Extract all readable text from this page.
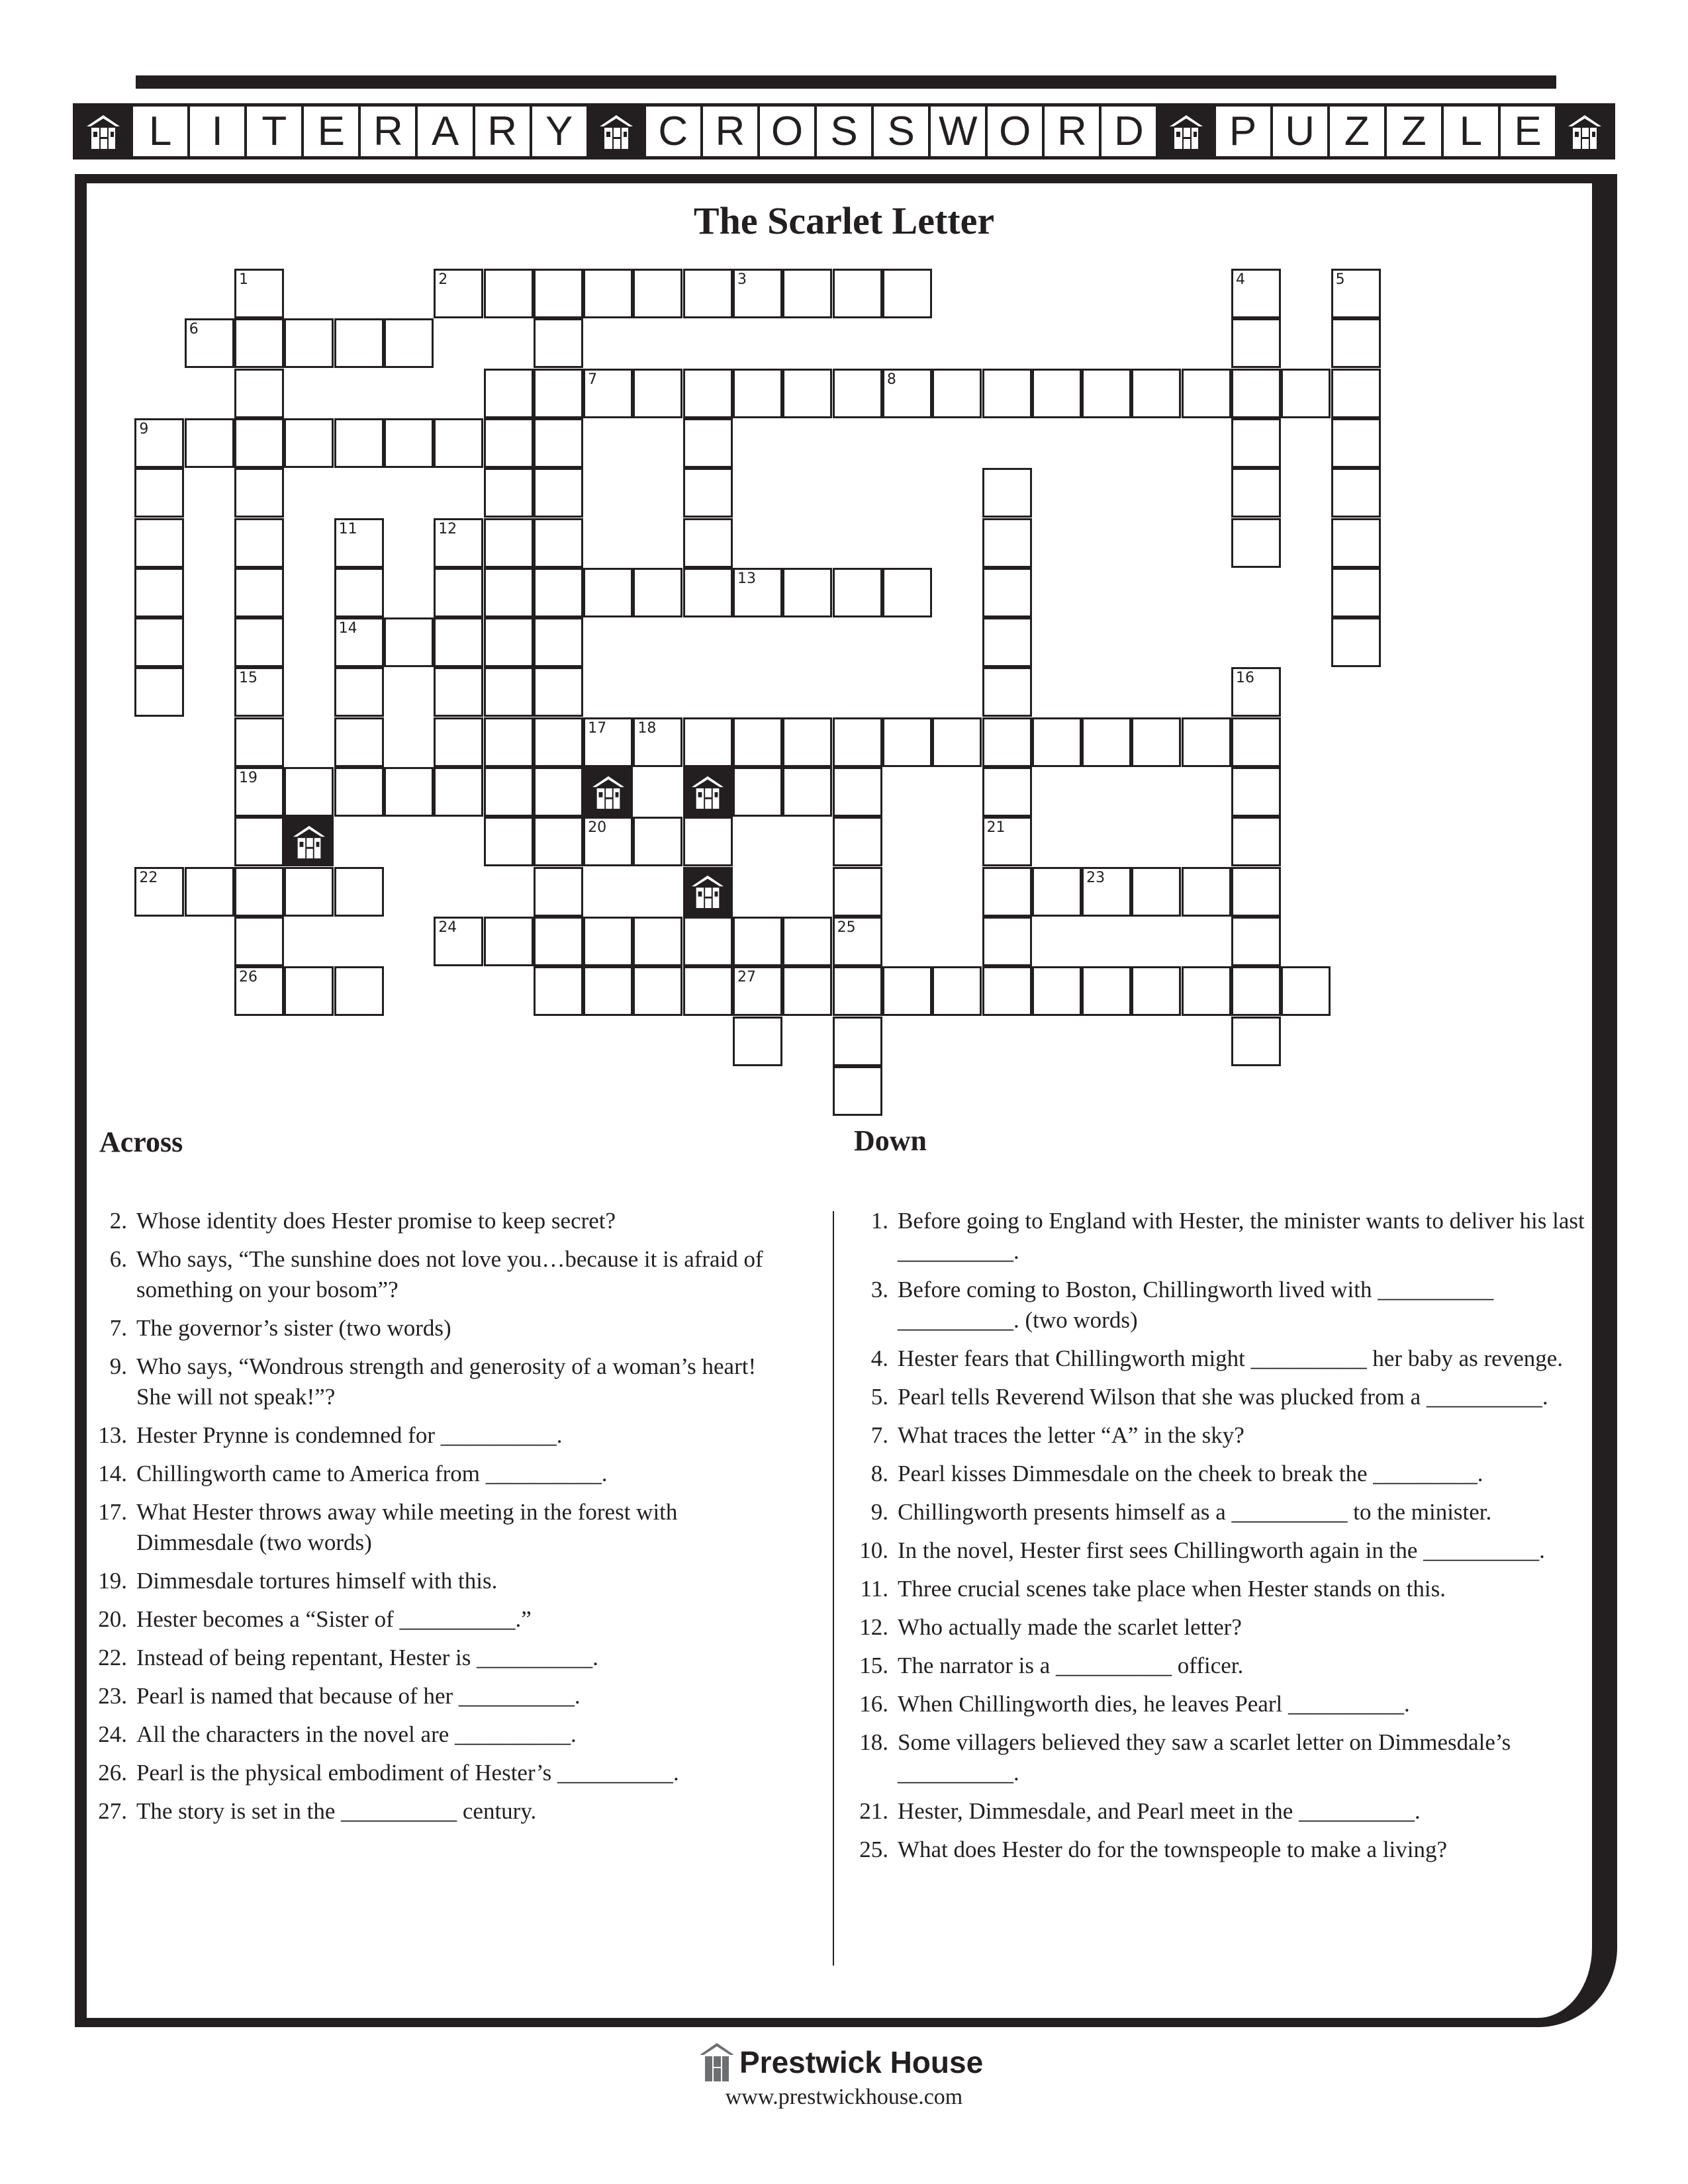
L I T E R A R Y	C R O S S W O R D	P U Z Z L E
The Scarlet Letter
1	2	3
15
19
26
4	5
6
7	8
9
21
11
14
12
13
16
17 18
20
25
22	23
24
27
Across	Down
2. Whose identity does Hester promise to keep secret?
6. Who says, “The sunshine does not love you…because it is afraid of something on your bosom”?
7. The governor’s sister (two words)
9. Who says, “Wondrous strength and generosity of a woman’s heart! She will not speak!”?
13. Hester Prynne is condemned for __________.
14. Chillingworth came to America from __________.
17. What Hester throws away while meeting in the forest with Dimmesdale (two words)
19. Dimmesdale tortures himself with this.
20. Hester becomes a “Sister of __________.”
22. Instead of being repentant, Hester is __________.
23. Pearl is named that because of her __________.
24. All the characters in the novel are __________.
26. Pearl is the physical embodiment of Hester’s __________.
27. The story is set in the __________ century.
1. Before going to England with Hester, the minister wants to deliver his last __________.
3. Before coming to Boston, Chillingworth lived with __________ __________. (two words)
4. Hester fears that Chillingworth might __________ her baby as revenge.
5. Pearl tells Reverend Wilson that she was plucked from a __________.
7. What traces the letter “A” in the sky?
8. Pearl kisses Dimmesdale on the cheek to break the _________.
9. Chillingworth presents himself as a __________ to the minister.
10. In the novel, Hester first sees Chillingworth again in the __________.
11. Three crucial scenes take place when Hester stands on this.
12. Who actually made the scarlet letter?
15. The narrator is a __________ officer.
16. When Chillingworth dies, he leaves Pearl __________.
18. Some villagers believed they saw a scarlet letter on Dimmesdale’s __________.
21. Hester, Dimmesdale, and Pearl meet in the __________.
25. What does Hester do for the townspeople to make a living?
Prestwick House
www.prestwickhouse.com
